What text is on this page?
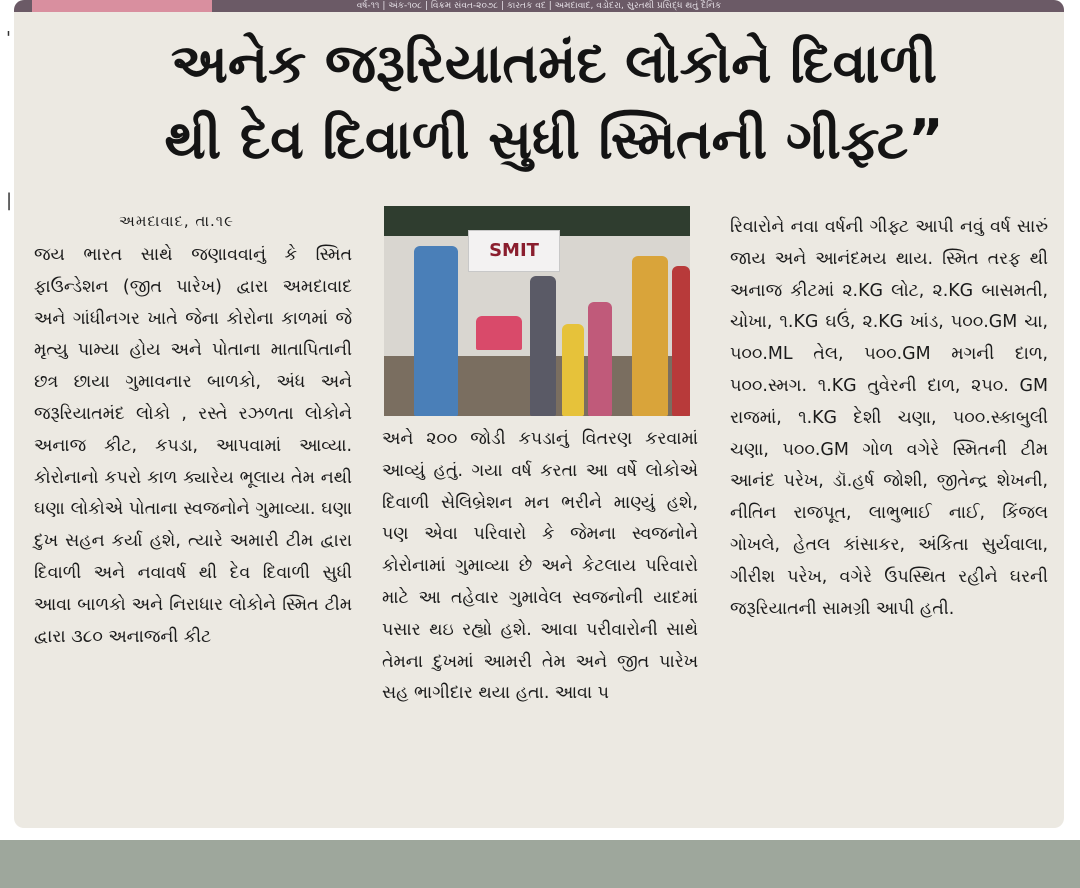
વર્ષ-૧૧ | અંક-૧૦૮ | વિક્રમ સંવત-૨૦૭૮ | કારતક વદ | અમદાવાદ, વડોદરા, સુરતથી પ્રસિદ્ધ થતું દૈનિક
અનેક જરૂરિયાતમંદ લોકોને દિવાળી
થી દેવ દિવાળી સુધી સ્મિતની ગીફ્ટ”
અમદાવાદ, તા.૧૯
જય ભારત સાથે જણાવવાનું કે સ્મિત ફાઉન્ડેશન (જીત પારેખ) દ્વારા અમદાવાદ અને ગાંધીનગર ખાતે જેના કોરોના કાળમાં જે મૃત્યુ પામ્યા હોય અને પોતાના માતાપિતાની છત્ર છાયા ગુમાવનાર બાળકો, અંધ અને જરૂરિયાતમંદ લોકો , રસ્તે રઝળતા લોકોને અનાજ કીટ, કપડા, આપવામાં આવ્યા. કોરોનાનો કપરો કાળ ક્યારેય ભૂલાય તેમ નથી ઘણા લોકોએ પોતાના સ્વજનોને ગુમાવ્યા. ઘણા દુખ સહન કર્યા હશે, ત્યારે અમારી ટીમ દ્વારા દિવાળી અને નવાવર્ષ થી દેવ દિવાળી સુધી આવા બાળકો અને નિરાધાર લોકોને સ્મિત ટીમ દ્વારા ૩૮૦ અનાજની કીટ
SMIT
અને ૨૦૦ જોડી કપડાનું વિતરણ કરવામાં આવ્યું હતું. ગયા વર્ષ કરતા આ વર્ષે લોકોએ દિવાળી સેલિબ્રેશન મન ભરીને માણ્યું હશે, પણ એવા પરિવારો કે જેમના સ્વજનોને કોરોનામાં ગુમાવ્યા છે અને કેટલાય પરિવારો માટે આ તહેવાર ગુમાવેલ સ્વજનોની યાદમાં પસાર થઇ રહ્યો હશે. આવા પરીવારોની સાથે તેમના દુખમાં આમરી તેમ અને જીત પારેખ સહ ભાગીદાર થયા હતા. આવા પ
રિવારોને નવા વર્ષની ગીફ્ટ આપી નવું વર્ષ સારું જાય અને આનંદમય થાય. સ્મિત તરફ થી અનાજ કીટમાં ૨.KG લોટ, ૨.KG બાસમતી, ચોખા, ૧.KG ઘઉં, ૨.KG ખાંડ, ૫૦૦.GM ચા, ૫૦૦.ML તેલ, ૫૦૦.GM મગની દાળ, ૫૦૦.સ્મગ. ૧.KG તુવેરની દાળ, ૨૫૦. GM રાજમાં, ૧.KG દેશી ચણા, ૫૦૦.સ્કાબુલી ચણા, ૫૦૦.GM ગોળ વગેરે સ્મિતની ટીમ આનંદ પરેખ, ડૉ.હર્ષ જોશી, જીતેન્દ્ર શેખની, નીતિન રાજપૂત, લાભુભાઈ નાઈ, કિંજલ ગોખલે, હેતલ કાંસાકર, અંકિતા સુર્યવાલા, ગીરીશ પરેખ, વગેરે ઉપસ્થિત રહીને ઘરની જરૂરિયાતની સામગ્રી આપી હતી.
'
|
